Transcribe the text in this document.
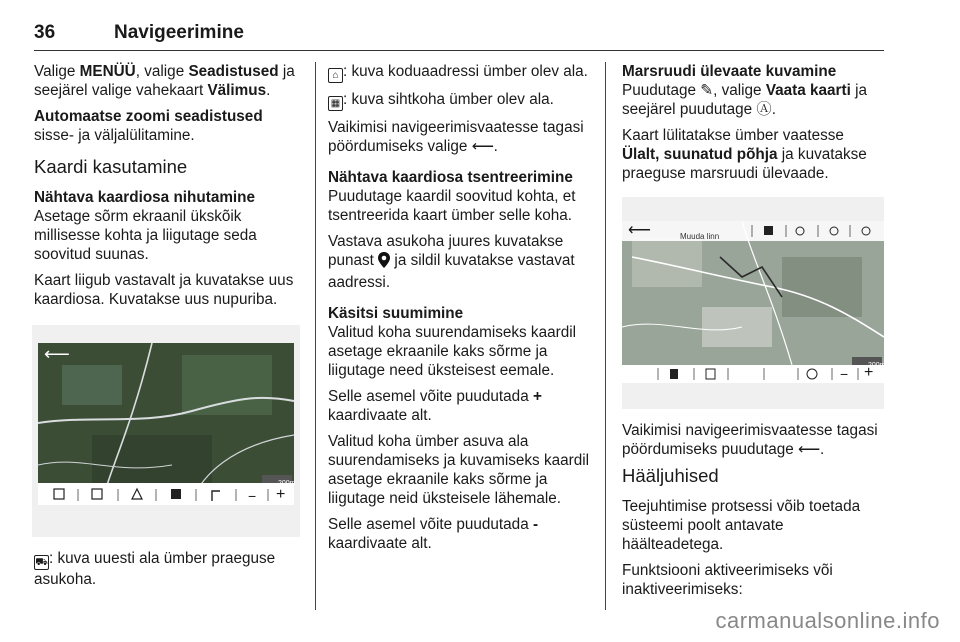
36	Navigeerimine

Valige MENÜÜ, valige Seadistused ja seejärel valige vahekaart Välimus.

Automaatse zoomi seadistused

sisse- ja väljalülitamine.

Kaardi kasutamine

Nähtava kaardiosa nihutamine

Asetage sõrm ekraanil ükskõik millisesse kohta ja liigutage seda soovitud suunas.

Kaart liigub vastavalt ja kuvatakse uus kaardiosa. Kuvatakse uus nupuriba.

⟵
200m
− +

⛟: kuva uuesti ala ümber praeguse asukoha.

⌂ : kuva koduaadressi ümber olev ala.

▦ : kuva sihtkoha ümber olev ala.

Vaikimisi navigeerimisvaatesse tagasi pöördumiseks valige ⟵.

Nähtava kaardiosa tsentreerimine

Puudutage kaardil soovitud kohta, et tsentreerida kaart ümber selle koha.

Vastava asukoha juures kuvatakse punast  ja sildil kuvatakse vastavat aadressi.

Käsitsi suumimine

Valitud koha suurendamiseks kaardil asetage ekraanile kaks sõrme ja liigutage need üksteisest eemale.

Selle asemel võite puudutada + kaardivaate alt.

Valitud koha ümber asuva ala suurendamiseks ja kuvamiseks kaardil asetage ekraanile kaks sõrme ja liigutage neid üksteisele lähemale.

Selle asemel võite puudutada - kaardivaate alt.

Marsruudi ülevaate kuvamine

Puudutage ✎, valige Vaata kaarti ja seejärel puudutage Ⓐ.

Kaart lülitatakse ümber vaatesse Ülalt, suunatud põhja ja kuvatakse praeguse marsruudi ülevaade.

⟵	Muuda linn
200m
− +

Vaikimisi navigeerimisvaatesse tagasi pöördumiseks puudutage ⟵.

Hääljuhised

Teejuhtimise protsessi võib toetada süsteemi poolt antavate häälteadetega.

Funktsiooni aktiveerimiseks või inaktiveerimiseks:

carmanualsonline.info
